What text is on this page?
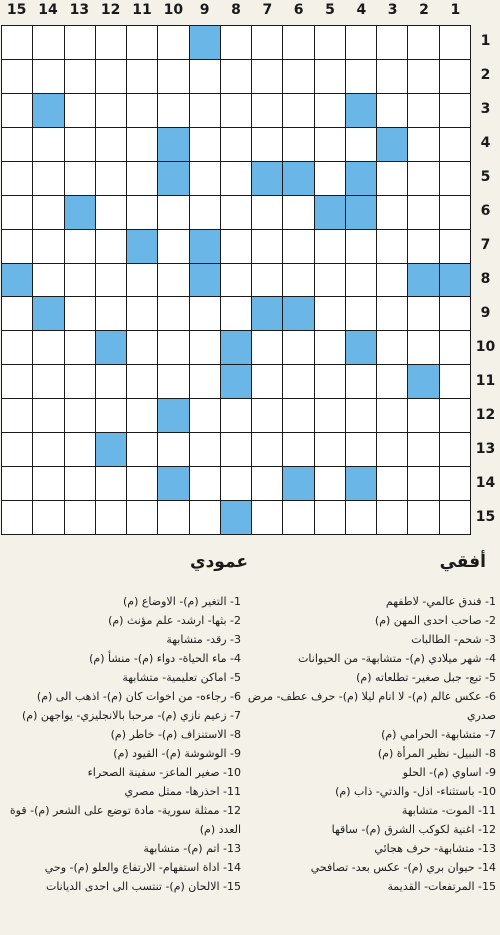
15 14 13 12 11 10	9	8	7	6	5	4	3	2	1
1
2
3
4
5
6
7
8
9
10
11
12
13
14
15
أفقي
عمودي
1- فندق عالمي- لاطفهم
2- صاحب احدى المهن (م)
3- شحم- الطالبات
4- شهر ميلادي (م)- متشابهة- من الحيوانات
5- تبع- جبل صغير- تطلعاته (م)
6- عكس عالم (م)- لا انام ليلا (م)- حرف عطف- مرض صدري
7- متشابهة- الحرامي (م)
8- النبيل- نظير المرأة (م)
9- اساوي (م)- الحلو
10- باستثناء- اذل- والدتي- ذاب (م)
11- الموت- متشابهة
12- اغنية لكوكب الشرق (م)- ساقها
13- متشابهة- حرف هجائي
14- حيوان بري (م)- عكس بعد- تصافحي
15- المرتفعات- القديمة
1- التغير (م)- الاوضاع (م)
2- بثها- ارشد- علم مؤنث (م)
3- رقد- متشابهة
4- ماء الحياة- دواء (م)- منشأ (م)
5- اماكن تعليمية- متشابهة
6- رجاءه- من اخوات كان (م)- اذهب الى (م)
7- زعيم نازي (م)- مرحبا بالانجليزي- يواجهن (م)
8- الاستنزاف (م)- خاطر (م)
9- الوشوشة (م)- القيود (م)
10- صغير الماعز- سفينة الصحراء
11- احذرها- ممثل مصري
12- ممثلة سورية- مادة توضع على الشعر (م)- قوة العدد (م)
13- اتم (م)- متشابهة
14- اداة استفهام- الارتفاع والعلو (م)- وحي
15- الالحان (م)- تنتسب الى احدى الديانات
